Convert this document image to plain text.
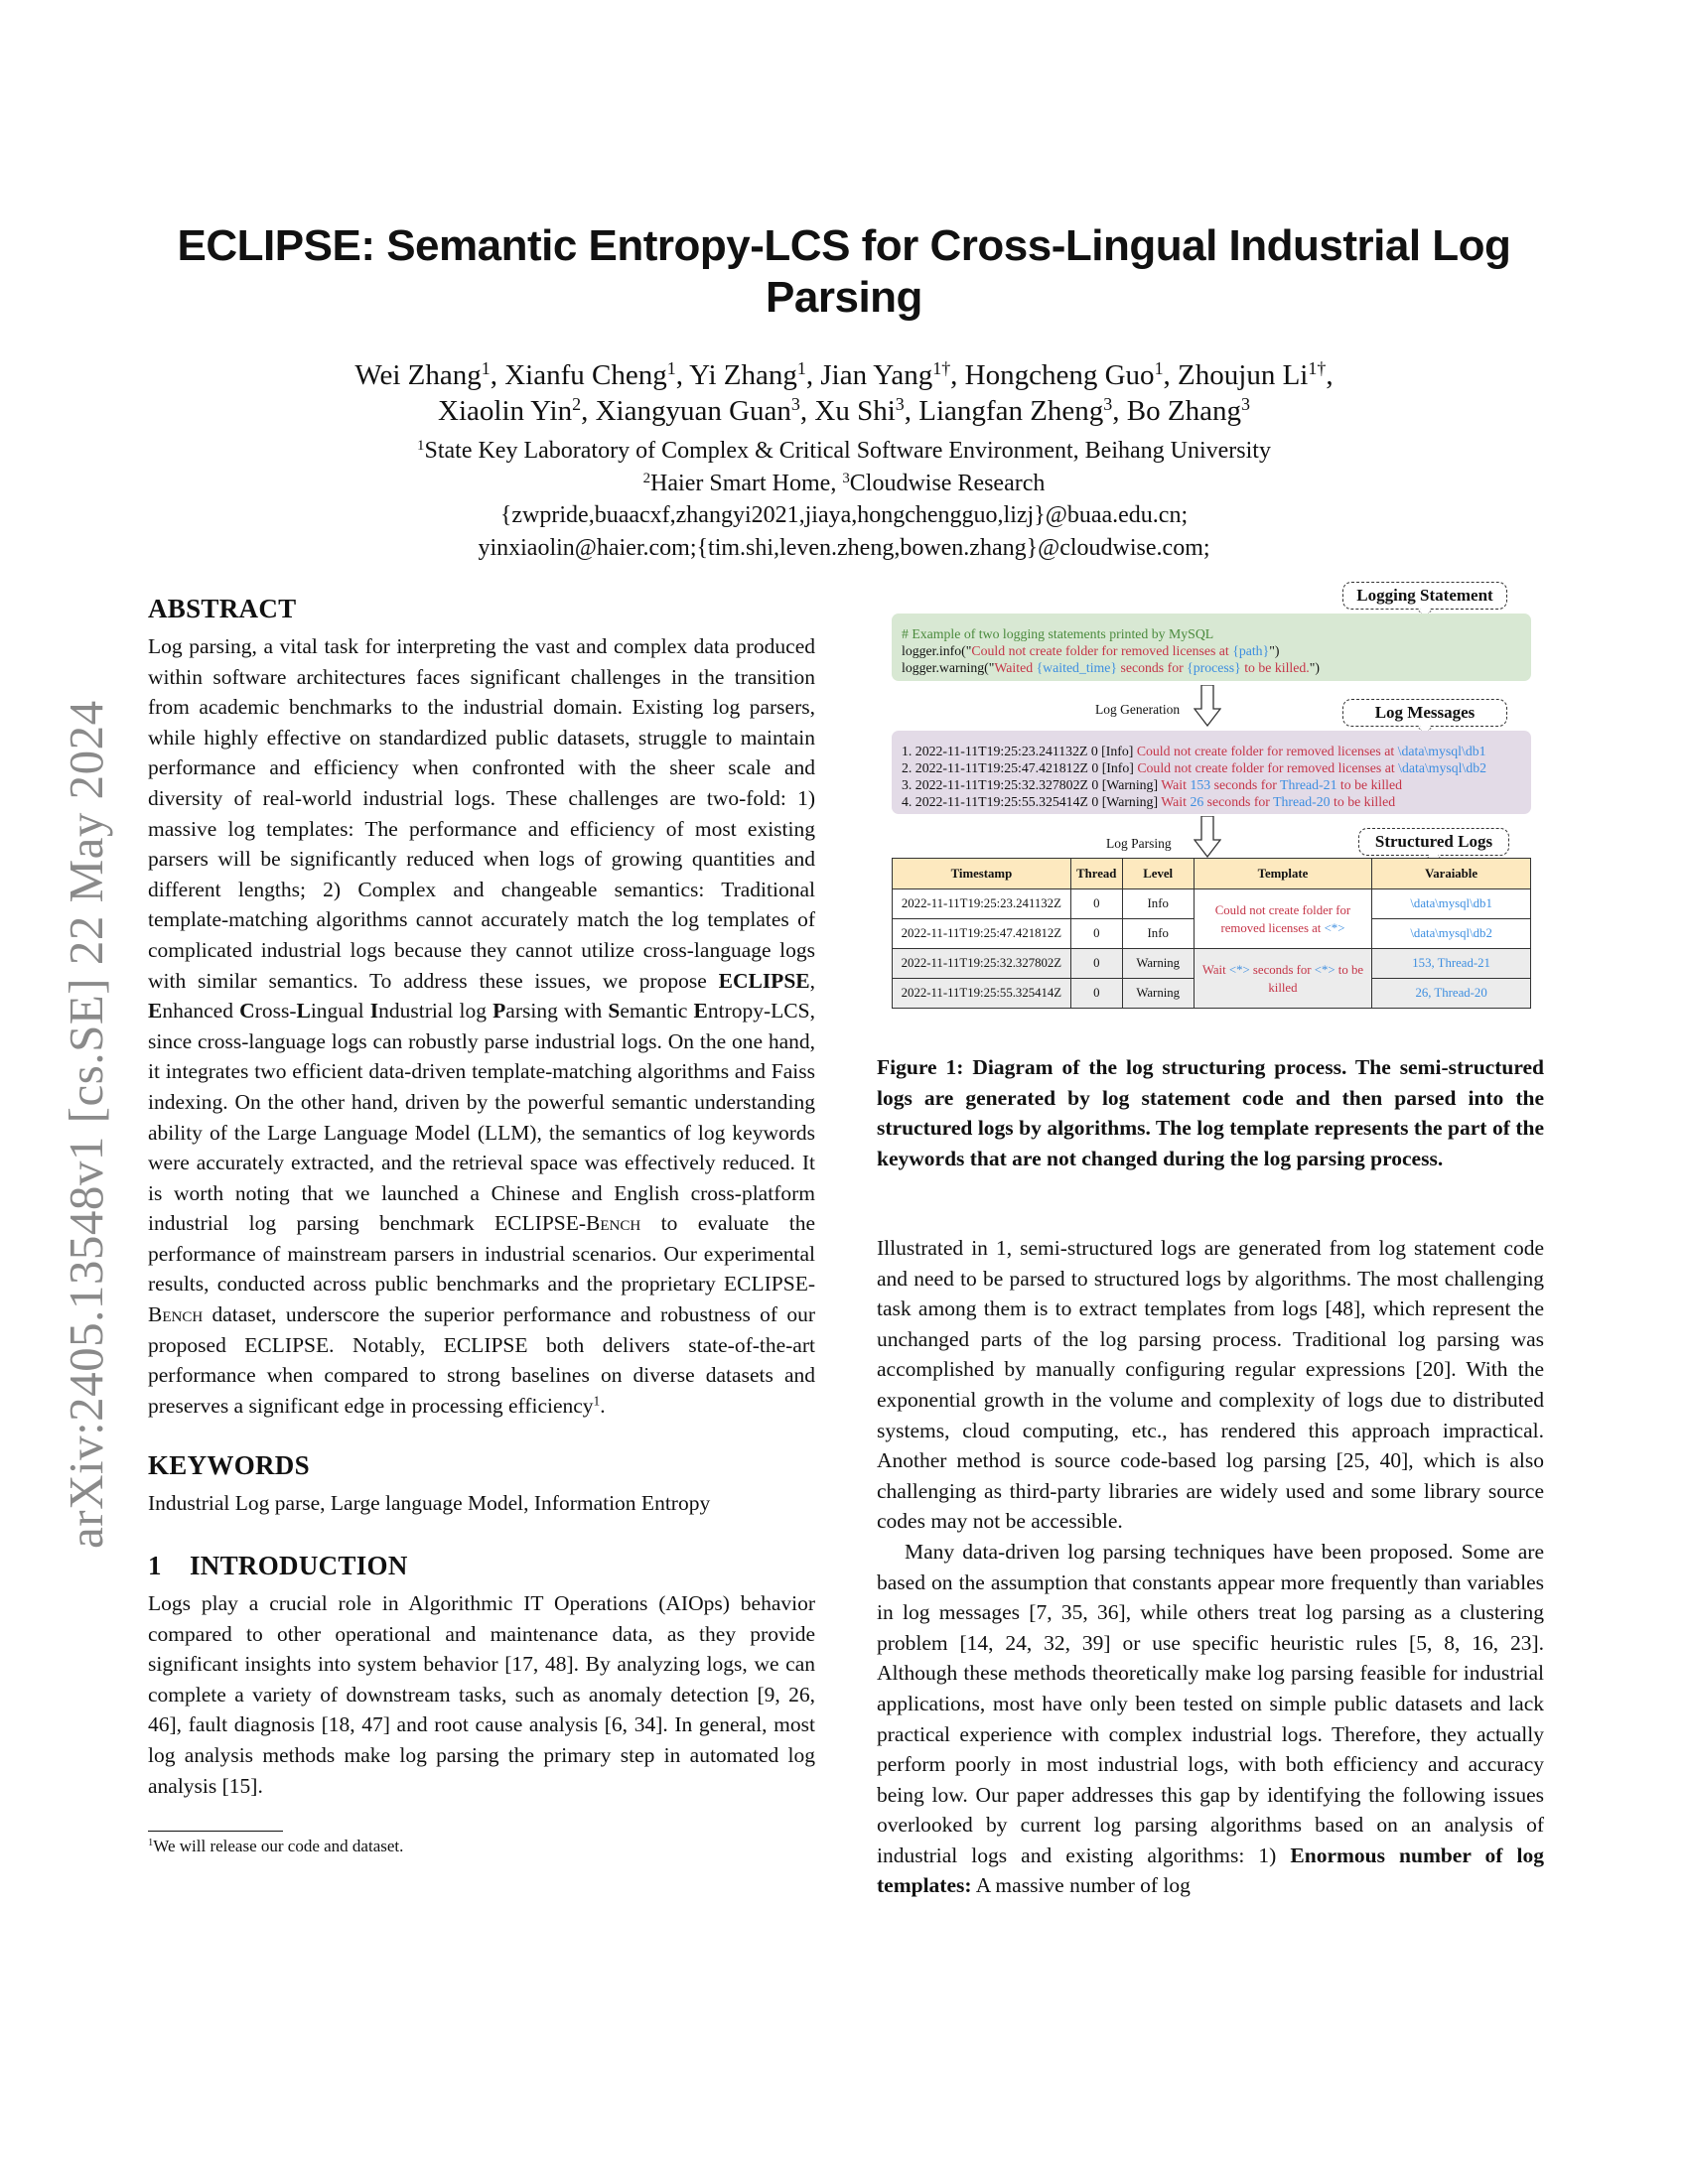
arXiv:2405.13548v1 [cs.SE] 22 May 2024
ECLIPSE: Semantic Entropy-LCS for Cross-Lingual Industrial Log Parsing
Wei Zhang$^1$, Xianfu Cheng$^1$, Yi Zhang$^1$, Jian Yang$^{1\dagger}$, Hongcheng Guo$^1$, Zhoujun $Li^{1\dagger}$,
Xiaolin Yin$^2$, Xiangyuan Guan$^3$, Xu Shi$^3$, Liangfan Zheng$^3$, Bo Zhang$^3$
$^1$State Key Laboratory of Complex & Critical Software Environment, Beihang University
$^2$Haier Smart Home, $^3$Cloudwise Research
{zwpride,buaacxf,zhangyi2021,jiaya,hongchengguo,lizj}@buaa.edu.cn;
yinxiaolin@haier.com;{tim.shi,leven.zheng,bowen.zhang}@cloudwise.com;
ABSTRACT

Log parsing, a vital task for interpreting the vast and complex data produced within software architectures faces significant challenges in the transition from academic benchmarks to the industrial domain. Existing log parsers, while highly effective on standardized public datasets, struggle to maintain performance and efficiency when confronted with the sheer scale and diversity of real-world industrial logs. These challenges are two-fold: 1) massive log templates: The performance and efficiency of most existing parsers will be significantly reduced when logs of growing quantities and different lengths; 2) Complex and changeable semantics: Traditional template-matching algorithms cannot accurately match the log templates of complicated industrial logs because they cannot utilize cross-language logs with similar semantics. To address these issues, we propose ECLIPSE, Enhanced Cross-Lingual Industrial log Parsing with Semantic Entropy-LCS, since cross-language logs can robustly parse industrial logs. On the one hand, it integrates two efficient data-driven template-matching algorithms and Faiss indexing. On the other hand, driven by the powerful semantic understanding ability of the Large Language Model (LLM), the semantics of log keywords were accurately extracted, and the retrieval space was effectively reduced. It is worth noting that we launched a Chinese and English cross-platform industrial log parsing benchmark ECLIPSE-Bench to evaluate the performance of mainstream parsers in industrial scenarios. Our experimental results, conducted across public benchmarks and the proprietary ECLIPSE-Bench dataset, underscore the superior performance and robustness of our proposed ECLIPSE. Notably, ECLIPSE both delivers state-of-the-art performance when compared to strong baselines on diverse datasets and preserves a significant edge in processing efficiency$^1$.

KEYWORDS

Industrial Log parse, Large language Model, Information Entropy

1    INTRODUCTION

Logs play a crucial role in Algorithmic IT Operations (AIOps) behavior compared to other operational and maintenance data, as they provide significant insights into system behavior [17, 48]. By analyzing logs, we can complete a variety of downstream tasks, such as anomaly detection [9, 26, 46], fault diagnosis [18, 47] and root cause analysis [6, 34]. In general, most log analysis methods make log parsing the primary step in automated log analysis [15].

$^1$We will release our code and dataset.
Logging Statement
# Example of two logging statements printed by MySQL
logger.info("Could not create folder for removed licenses at {path}")
logger.warning("Waited {waited_time} seconds for {process} to be killed.")
Log Generation	Log Messages
1. 2022-11-11T19:25:23.241132Z 0 [Info] Could not create folder for removed licenses at \data\mysql\db1
2. 2022-11-11T19:25:47.421812Z 0 [Info] Could not create folder for removed licenses at \data\mysql\db2
3. 2022-11-11T19:25:32.327802Z 0 [Warning] Wait 153 seconds for Thread-21 to be killed
4. 2022-11-11T19:25:55.325414Z 0 [Warning] Wait 26 seconds for Thread-20 to be killed
Log Parsing	Structured Logs
Timestamp	Thread	Level	Template	Varaiable
2022-11-11T19:25:23.241132Z	0	Info	Could not create folder for removed licenses at <*>	\data\mysql\db1
2022-11-11T19:25:47.421812Z	0	Info		\data\mysql\db2
2022-11-11T19:25:32.327802Z	0	Warning	Wait <*> seconds for <*> to be killed	153, Thread-21
2022-11-11T19:25:55.325414Z	0	Warning		26, Thread-20
Figure 1: Diagram of the log structuring process. The semi-structured logs are generated by log statement code and then parsed into the structured logs by algorithms. The log template represents the part of the keywords that are not changed during the log parsing process.

Illustrated in 1, semi-structured logs are generated from log statement code and need to be parsed to structured logs by algorithms. The most challenging task among them is to extract templates from logs [48], which represent the unchanged parts of the log parsing process. Traditional log parsing was accomplished by manually configuring regular expressions [20]. With the exponential growth in the volume and complexity of logs due to distributed systems, cloud computing, etc., has rendered this approach impractical. Another method is source code-based log parsing [25, 40], which is also challenging as third-party libraries are widely used and some library source codes may not be accessible.

Many data-driven log parsing techniques have been proposed. Some are based on the assumption that constants appear more frequently than variables in log messages [7, 35, 36], while others treat log parsing as a clustering problem [14, 24, 32, 39] or use specific heuristic rules [5, 8, 16, 23]. Although these methods theoretically make log parsing feasible for industrial applications, most have only been tested on simple public datasets and lack practical experience with complex industrial logs. Therefore, they actually perform poorly in most industrial logs, with both efficiency and accuracy being low. Our paper addresses this gap by identifying the following issues overlooked by current log parsing algorithms based on an analysis of industrial logs and existing algorithms: 1) Enormous number of log templates: A massive number of log
